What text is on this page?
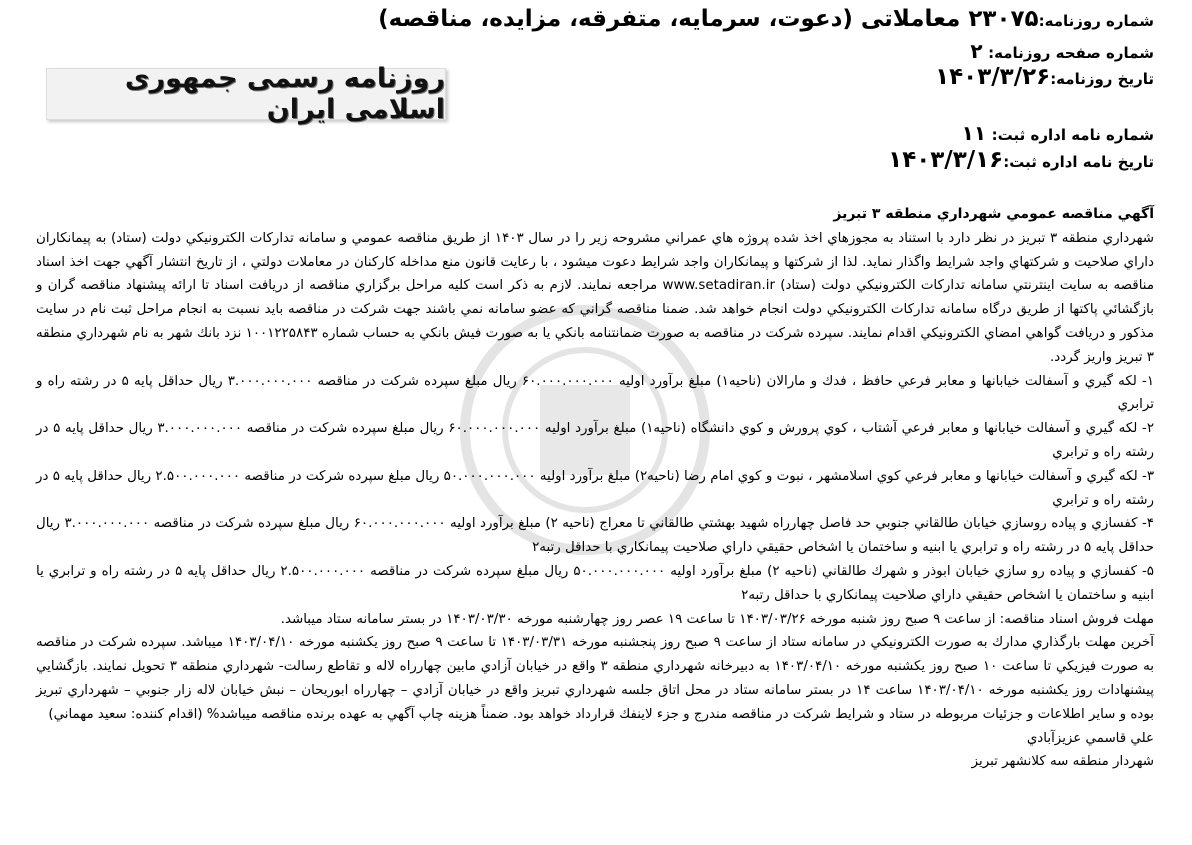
شماره روزنامه:۲۳۰۷۵ معاملاتی (دعوت، سرمایه، متفرقه، مزایده، مناقصه)
شماره صفحه روزنامه: ۲
تاریخ روزنامه:۱۴۰۳/۳/۲۶
شماره نامه اداره ثبت: ۱۱
تاریخ نامه اداره ثبت:۱۴۰۳/۳/۱۶
روزنامه رسمی جمهوری اسلامی ایران

آگهي مناقصه عمومي شهرداري منطقه ۳ تبريز

شهرداري منطقه ۳ تبريز در نظر دارد با استناد به مجوزهاي اخذ شده پروژه هاي عمراني مشروحه زير را در سال ۱۴۰۳ از طريق مناقصه عمومي و سامانه تداركات الكترونيكي دولت (ستاد) به پيمانكاران داراي صلاحيت و شركتهاي واجد شرايط واگذار نمايد. لذا از شركتها و پيمانكاران واجد شرايط دعوت ميشود ، با رعايت قانون منع مداخله كاركنان در معاملات دولتي ، از تاريخ انتشار آگهي جهت اخذ اسناد مناقصه به سايت اينترنتي سامانه تداركات الكترونيكي دولت (ستاد) www.setadiran.ir مراجعه نمايند. لازم به ذكر است كليه مراحل برگزاري مناقصه از دريافت اسناد تا ارائه پيشنهاد مناقصه گران و بازگشائي پاكتها از طريق درگاه سامانه تداركات الكترونيكي دولت انجام خواهد شد. ضمنا مناقصه گراني كه عضو سامانه نمي باشند جهت شركت در مناقصه بايد نسبت به انجام مراحل ثبت نام در سايت مذكور و دريافت گواهي امضاي الكترونيكي اقدام نمايند. سپرده شركت در مناقصه به صورت ضمانتنامه بانكي يا به صورت فيش بانكي به حساب شماره ۱۰۰۱۲۲۵۸۴۳ نزد بانك شهر به نام شهرداري منطقه ۳ تبريز واريز گردد.

۱- لكه گيري و آسفالت خيابانها و معابر فرعي حافظ ، فدك و مارالان (ناحيه۱) مبلغ برآورد اوليه ۶۰.۰۰۰.۰۰۰.۰۰۰ ريال مبلغ سپرده شركت در مناقصه ۳.۰۰۰.۰۰۰.۰۰۰ ريال حداقل پايه ۵ در رشته راه و ترابري

۲- لكه گيري و آسفالت خيابانها و معابر فرعي آشتاب ، كوي پرورش و كوي دانشگاه (ناحيه۱) مبلغ برآورد اوليه ۶۰.۰۰۰.۰۰۰.۰۰۰ ريال مبلغ سپرده شركت در مناقصه ۳.۰۰۰.۰۰۰.۰۰۰ ريال حداقل پايه ۵ در رشته راه و ترابري

۳- لكه گيري و آسفالت خيابانها و معابر فرعي كوي اسلامشهر ، نبوت و كوي امام رضا (ناحيه۲) مبلغ برآورد اوليه ۵۰.۰۰۰.۰۰۰.۰۰۰ ريال مبلغ سپرده شركت در مناقصه ۲.۵۰۰.۰۰۰.۰۰۰ ريال حداقل پايه ۵ در رشته راه و ترابري

۴- كفسازي و پياده روسازي خيابان طالقاني جنوبي حد فاصل چهارراه شهيد بهشتي طالقاني تا معراج (ناحيه ۲) مبلغ برآورد اوليه ۶۰.۰۰۰.۰۰۰.۰۰۰ ريال مبلغ سپرده شركت در مناقصه ۳.۰۰۰.۰۰۰.۰۰۰ ريال حداقل پايه ۵ در رشته راه و ترابري يا ابنيه و ساختمان يا اشخاص حقيقي داراي صلاحيت پيمانكاري با حداقل رتبه۲

۵- كفسازي و پياده رو سازي خيابان ابوذر و شهرك طالقاني (ناحيه ۲) مبلغ برآورد اوليه ۵۰.۰۰۰.۰۰۰.۰۰۰ ريال مبلغ سپرده شركت در مناقصه ۲.۵۰۰.۰۰۰.۰۰۰ ريال حداقل پايه ۵ در رشته راه و ترابري يا ابنيه و ساختمان يا اشخاص حقيقي داراي صلاحيت پيمانكاري با حداقل رتبه۲

مهلت فروش اسناد مناقصه: از ساعت ۹ صبح روز شنبه مورخه ۱۴۰۳/۰۳/۲۶ تا ساعت ۱۹ عصر روز چهارشنبه مورخه ۱۴۰۳/۰۳/۳۰ در بستر سامانه ستاد ميباشد.

آخرين مهلت بارگذاري مدارك به صورت الكترونيكي در سامانه ستاد از ساعت ۹ صبح روز پنجشنبه مورخه ۱۴۰۳/۰۳/۳۱ تا ساعت ۹ صبح روز يكشنبه مورخه ۱۴۰۳/۰۴/۱۰ ميباشد. سپرده شركت در مناقصه به صورت فيزيكي تا ساعت ۱۰ صبح روز يكشنبه مورخه ۱۴۰۳/۰۴/۱۰ به دبيرخانه شهرداري منطقه ۳ واقع در خيابان آزادي مابين چهارراه لاله و تقاطع رسالت- شهرداري منطقه ۳ تحويل نمايند. بازگشايي پيشنهادات روز يكشنبه مورخه ۱۴۰۳/۰۴/۱۰ ساعت ۱۴ در بستر سامانه ستاد در محل اتاق جلسه شهرداري تبريز واقع در خيابان آزادي – چهارراه ابوريحان – نبش خيابان لاله زار جنوبي – شهرداري تبريز بوده و ساير اطلاعات و جزئيات مربوطه در ستاد و شرايط شركت در مناقصه مندرج و جزء لاينفك قرارداد خواهد بود. ضمناً هزينه چاپ آگهي به عهده برنده مناقصه ميباشد% (اقدام كننده: سعيد مهماني)

علي قاسمي عزيزآبادي

شهردار منطقه سه كلانشهر تبريز
